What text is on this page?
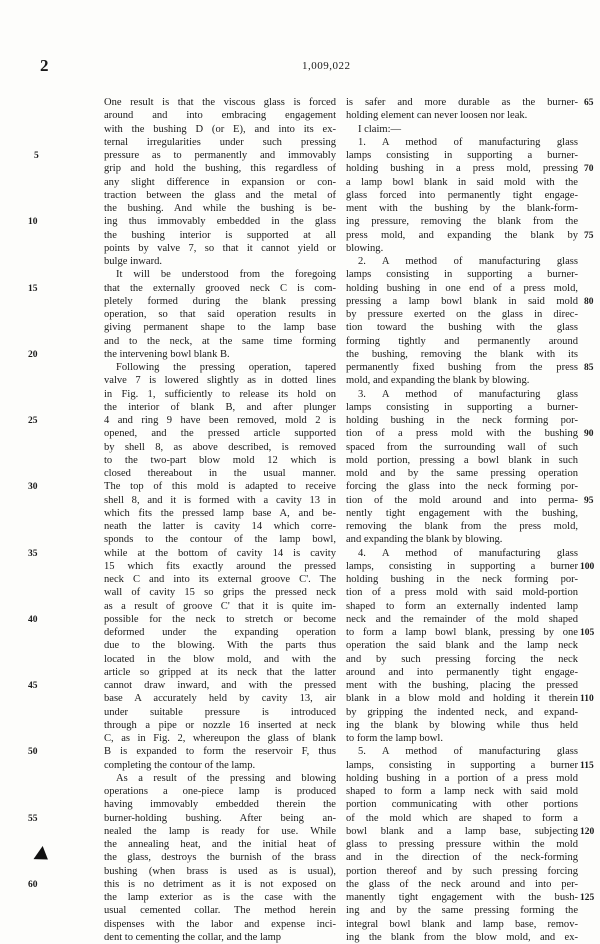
2	1,009,022
One result is that the viscous glass is forced
around and into embracing engagement
with the bushing D (or E), and into its ex-
ternal irregularities under such pressing
pressure as to permanently and immovably
grip and hold the bushing, this regardless of
any slight difference in expansion or con-
traction between the glass and the metal of
the bushing. And while the bushing is be-
ing thus immovably embedded in the glass
the bushing interior is supported at all
points by valve 7, so that it cannot yield or
bulge inward.
It will be understood from the foregoing
that the externally grooved neck C is com-
pletely formed during the blank pressing
operation, so that said operation results in
giving permanent shape to the lamp base
and to the neck, at the same time forming
the intervening bowl blank B.
Following the pressing operation, tapered
valve 7 is lowered slightly as in dotted lines
in Fig. 1, sufficiently to release its hold on
the interior of blank B, and after plunger
4 and ring 9 have been removed, mold 2 is
opened, and the pressed article supported
by shell 8, as above described, is removed
to the two-part blow mold 12 which is
closed thereabout in the usual manner.
The top of this mold is adapted to receive
shell 8, and it is formed with a cavity 13 in
which fits the pressed lamp base A, and be-
neath the latter is cavity 14 which corre-
sponds to the contour of the lamp bowl,
while at the bottom of cavity 14 is cavity
15 which fits exactly around the pressed
neck C and into its external groove C'. The
wall of cavity 15 so grips the pressed neck
as a result of groove C' that it is quite im-
possible for the neck to stretch or become
deformed under the expanding operation
due to the blowing. With the parts thus
located in the blow mold, and with the
article so gripped at its neck that the latter
cannot draw inward, and with the pressed
base A accurately held by cavity 13, air
under suitable pressure is introduced
through a pipe or nozzle 16 inserted at neck
C, as in Fig. 2, whereupon the glass of blank
B is expanded to form the reservoir F, thus
completing the contour of the lamp.
As a result of the pressing and blowing
operations a one-piece lamp is produced
having immovably embedded therein the
burner-holding bushing. After being an-
nealed the lamp is ready for use. While
the annealing heat, and the initial heat of
the glass, destroys the burnish of the brass
bushing (when brass is used as is usual),
this is no detriment as it is not exposed on
the lamp exterior as is the case with the
usual cemented collar. The method herein
dispenses with the labor and expense inci-
dent to cementing the collar, and the lamp
is safer and more durable as the burner-
holding element can never loosen nor leak.
I claim:—
1. A method of manufacturing glass
lamps consisting in supporting a burner-
holding bushing in a press mold, pressing
a lamp bowl blank in said mold with the
glass forced into permanently tight engage-
ment with the bushing by the blank-form-
ing pressure, removing the blank from the
press mold, and expanding the blank by
blowing.
2. A method of manufacturing glass
lamps consisting in supporting a burner-
holding bushing in one end of a press mold,
pressing a lamp bowl blank in said mold
by pressure exerted on the glass in direc-
tion toward the bushing with the glass
forming tightly and permanently around
the bushing, removing the blank with its
permanently fixed bushing from the press
mold, and expanding the blank by blowing.
3. A method of manufacturing glass
lamps consisting in supporting a burner-
holding bushing in the neck forming por-
tion of a press mold with the bushing
spaced from the surrounding wall of such
mold portion, pressing a bowl blank in such
mold and by the same pressing operation
forcing the glass into the neck forming por-
tion of the mold around and into perma-
nently tight engagement with the bushing,
removing the blank from the press mold,
and expanding the blank by blowing.
4. A method of manufacturing glass
lamps, consisting in supporting a burner
holding bushing in the neck forming por-
tion of a press mold with said mold-portion
shaped to form an externally indented lamp
neck and the remainder of the mold shaped
to form a lamp bowl blank, pressing by one
operation the said blank and the lamp neck
and by such pressing forcing the neck
around and into permanently tight engage-
ment with the bushing, placing the pressed
blank in a blow mold and holding it therein
by gripping the indented neck, and expand-
ing the blank by blowing while thus held
to form the lamp bowl.
5. A method of manufacturing glass
lamps, consisting in supporting a burner
holding bushing in a portion of a press mold
shaped to form a lamp neck with said mold
portion communicating with other portions
of the mold which are shaped to form a
bowl blank and a lamp base, subjecting
glass to pressing pressure within the mold
and in the direction of the neck-forming
portion thereof and by such pressing forcing
the glass of the neck around and into per-
manently tight engagement with the bush-
ing and by the same pressing forming the
integral bowl blank and lamp base, remov-
ing the blank from the blow mold, and ex-
5
10
15
20
25
30
35
40
45
50
55
60
65
70
75
80
85
90
95
100
105
110
115
120
125
